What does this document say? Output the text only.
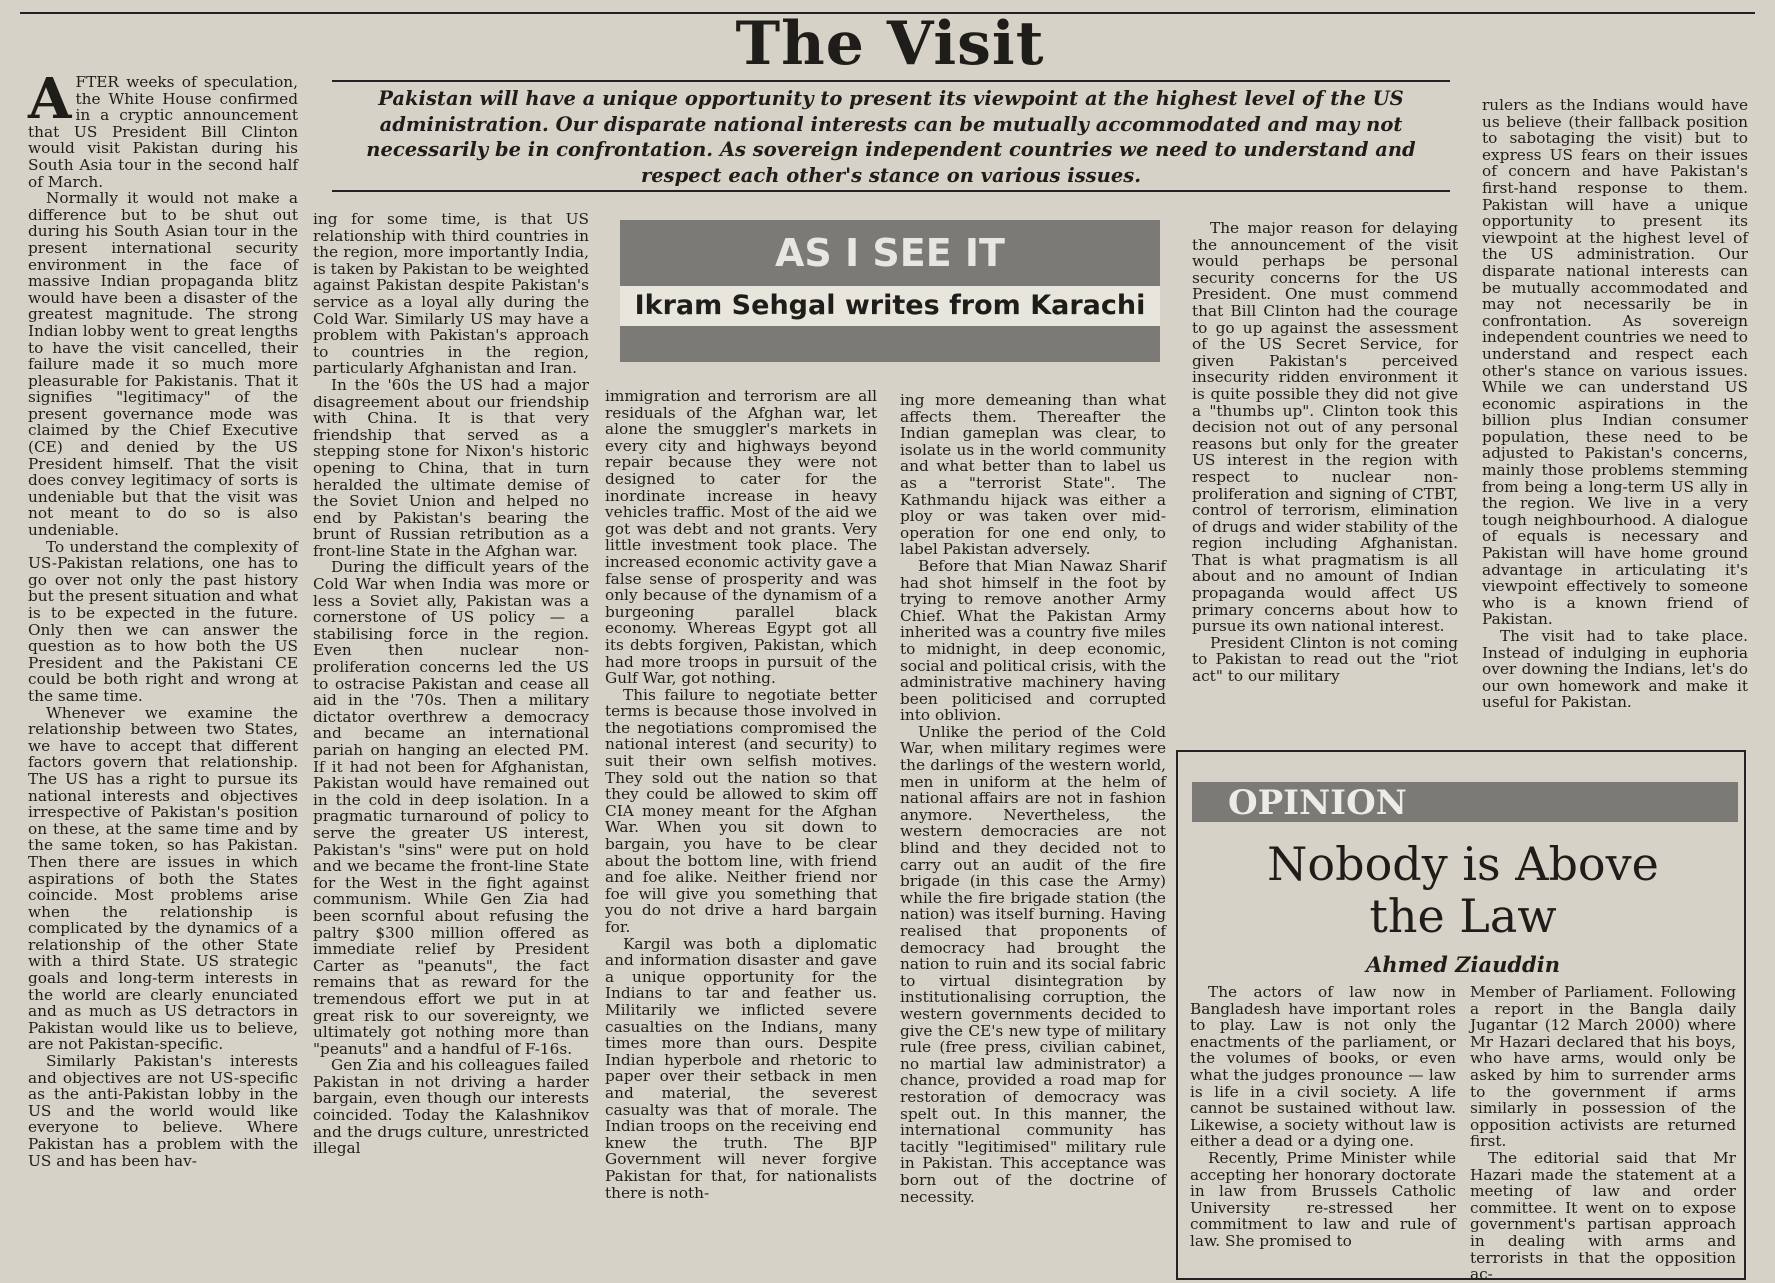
The Visit

AFTER weeks of speculation, the White House confirmed in a cryptic announcement that US President Bill Clinton would visit Pakistan during his South Asia tour in the second half of March.

Normally it would not make a difference but to be shut out during his South Asian tour in the present international security environment in the face of massive Indian propaganda blitz would have been a disaster of the greatest magnitude. The strong Indian lobby went to great lengths to have the visit cancelled, their failure made it so much more pleasurable for Pakistanis. That it signifies "legitimacy" of the present governance mode was claimed by the Chief Executive (CE) and denied by the US President himself. That the visit does convey legitimacy of sorts is undeniable but that the visit was not meant to do so is also undeniable.

To understand the complexity of US-Pakistan relations, one has to go over not only the past history but the present situation and what is to be expected in the future. Only then we can answer the question as to how both the US President and the Pakistani CE could be both right and wrong at the same time.

Whenever we examine the relationship between two States, we have to accept that different factors govern that relationship. The US has a right to pursue its national interests and objectives irrespective of Pakistan's position on these, at the same time and by the same token, so has Pakistan. Then there are issues in which aspirations of both the States coincide. Most problems arise when the relationship is complicated by the dynamics of a relationship of the other State with a third State. US strategic goals and long-term interests in the world are clearly enunciated and as much as US detractors in Pakistan would like us to believe, are not Pakistan-specific.

Similarly Pakistan's interests and objectives are not US-specific as the anti-Pakistan lobby in the US and the world would like everyone to believe. Where Pakistan has a problem with the US and has been hav-

Pakistan will have a unique opportunity to present its viewpoint at the highest level of the US administration. Our disparate national interests can be mutually accommodated and may not necessarily be in confrontation. As sovereign independent countries we need to understand and respect each other's stance on various issues.

ing for some time, is that US relationship with third countries in the region, more importantly India, is taken by Pakistan to be weighted against Pakistan despite Pakistan's service as a loyal ally during the Cold War. Similarly US may have a problem with Pakistan's approach to countries in the region, particularly Afghanistan and Iran.

In the '60s the US had a major disagreement about our friendship with China. It is that very friendship that served as a stepping stone for Nixon's historic opening to China, that in turn heralded the ultimate demise of the Soviet Union and helped no end by Pakistan's bearing the brunt of Russian retribution as a front-line State in the Afghan war.

During the difficult years of the Cold War when India was more or less a Soviet ally, Pakistan was a cornerstone of US policy — a stabilising force in the region. Even then nuclear non-proliferation concerns led the US to ostracise Pakistan and cease all aid in the '70s. Then a military dictator overthrew a democracy and became an international pariah on hanging an elected PM. If it had not been for Afghanistan, Pakistan would have remained out in the cold in deep isolation. In a pragmatic turnaround of policy to serve the greater US interest, Pakistan's "sins" were put on hold and we became the front-line State for the West in the fight against communism. While Gen Zia had been scornful about refusing the paltry $300 million offered as immediate relief by President Carter as "peanuts", the fact remains that as reward for the tremendous effort we put in at great risk to our sovereignty, we ultimately got nothing more than "peanuts" and a handful of F-16s.

Gen Zia and his colleagues failed Pakistan in not driving a harder bargain, even though our interests coincided. Today the Kalashnikov and the drugs culture, unrestricted illegal

AS I SEE IT
Ikram Sehgal writes from Karachi

immigration and terrorism are all residuals of the Afghan war, let alone the smuggler's markets in every city and highways beyond repair because they were not designed to cater for the inordinate increase in heavy vehicles traffic. Most of the aid we got was debt and not grants. Very little investment took place. The increased economic activity gave a false sense of prosperity and was only because of the dynamism of a burgeoning parallel black economy. Whereas Egypt got all its debts forgiven, Pakistan, which had more troops in pursuit of the Gulf War, got nothing.

This failure to negotiate better terms is because those involved in the negotiations compromised the national interest (and security) to suit their own selfish motives. They sold out the nation so that they could be allowed to skim off CIA money meant for the Afghan War. When you sit down to bargain, you have to be clear about the bottom line, with friend and foe alike. Neither friend nor foe will give you something that you do not drive a hard bargain for.

Kargil was both a diplomatic and information disaster and gave a unique opportunity for the Indians to tar and feather us. Militarily we inflicted severe casualties on the Indians, many times more than ours. Despite Indian hyperbole and rhetoric to paper over their setback in men and material, the severest casualty was that of morale. The Indian troops on the receiving end knew the truth. The BJP Government will never forgive Pakistan for that, for nationalists there is noth-

ing more demeaning than what affects them. Thereafter the Indian gameplan was clear, to isolate us in the world community and what better than to label us as a "terrorist State". The Kathmandu hijack was either a ploy or was taken over mid-operation for one end only, to label Pakistan adversely.

Before that Mian Nawaz Sharif had shot himself in the foot by trying to remove another Army Chief. What the Pakistan Army inherited was a country five miles to midnight, in deep economic, social and political crisis, with the administrative machinery having been politicised and corrupted into oblivion.

Unlike the period of the Cold War, when military regimes were the darlings of the western world, men in uniform at the helm of national affairs are not in fashion anymore. Nevertheless, the western democracies are not blind and they decided not to carry out an audit of the fire brigade (in this case the Army) while the fire brigade station (the nation) was itself burning. Having realised that proponents of democracy had brought the nation to ruin and its social fabric to virtual disintegration by institutionalising corruption, the western governments decided to give the CE's new type of military rule (free press, civilian cabinet, no martial law administrator) a chance, provided a road map for restoration of democracy was spelt out. In this manner, the international community has tacitly "legitimised" military rule in Pakistan. This acceptance was born out of the doctrine of necessity.

The major reason for delaying the announcement of the visit would perhaps be personal security concerns for the US President. One must commend that Bill Clinton had the courage to go up against the assessment of the US Secret Service, for given Pakistan's perceived insecurity ridden environment it is quite possible they did not give a "thumbs up". Clinton took this decision not out of any personal reasons but only for the greater US interest in the region with respect to nuclear non-proliferation and signing of CTBT, control of terrorism, elimination of drugs and wider stability of the region including Afghanistan. That is what pragmatism is all about and no amount of Indian propaganda would affect US primary concerns about how to pursue its own national interest.

President Clinton is not coming to Pakistan to read out the "riot act" to our military

rulers as the Indians would have us believe (their fallback position to sabotaging the visit) but to express US fears on their issues of concern and have Pakistan's first-hand response to them. Pakistan will have a unique opportunity to present its viewpoint at the highest level of the US administration. Our disparate national interests can be mutually accommodated and may not necessarily be in confrontation. As sovereign independent countries we need to understand and respect each other's stance on various issues. While we can understand US economic aspirations in the billion plus Indian consumer population, these need to be adjusted to Pakistan's concerns, mainly those problems stemming from being a long-term US ally in the region. We live in a very tough neighbourhood. A dialogue of equals is necessary and Pakistan will have home ground advantage in articulating it's viewpoint effectively to someone who is a known friend of Pakistan.

The visit had to take place. Instead of indulging in euphoria over downing the Indians, let's do our own homework and make it useful for Pakistan.

OPINION
Nobody is Above
the Law
Ahmed Ziauddin

The actors of law now in Bangladesh have important roles to play. Law is not only the enactments of the parliament, or the volumes of books, or even what the judges pronounce — law is life in a civil society. A life cannot be sustained without law. Likewise, a society without law is either a dead or a dying one.

Recently, Prime Minister while accepting her honorary doctorate in law from Brussels Catholic University re-stressed her commitment to law and rule of law. She promised to

Member of Parliament. Following a report in the Bangla daily Jugantar (12 March 2000) where Mr Hazari declared that his boys, who have arms, would only be asked by him to surrender arms to the government if arms similarly in possession of the opposition activists are returned first.

The editorial said that Mr Hazari made the statement at a meeting of law and order committee. It went on to expose government's partisan approach in dealing with arms and terrorists in that the opposition ac-
